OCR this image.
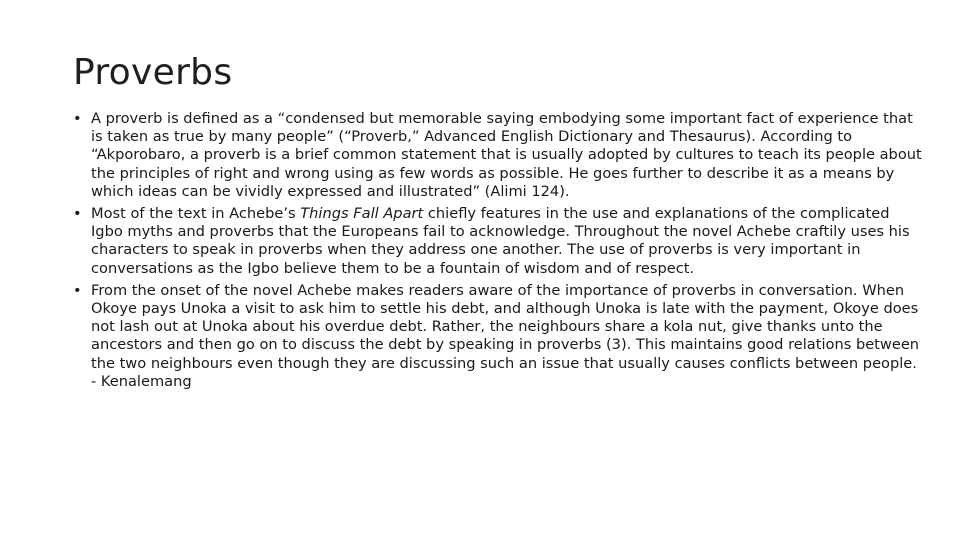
Proverbs
• A proverb is defined as a “condensed but memorable saying embodying some important fact of experience that is taken as true by many people” (“Proverb,” Advanced English Dictionary and Thesaurus). According to “Akporobaro, a proverb is a brief common statement that is usually adopted by cultures to teach its people about the principles of right and wrong using as few words as possible. He goes further to describe it as a means by which ideas can be vividly expressed and illustrated” (Alimi 124).
• Most of the text in Achebe’s Things Fall Apart chiefly features in the use and explanations of the complicated Igbo myths and proverbs that the Europeans fail to acknowledge. Throughout the novel Achebe craftily uses his characters to speak in proverbs when they address one another. The use of proverbs is very important in conversations as the Igbo believe them to be a fountain of wisdom and of respect.
• From the onset of the novel Achebe makes readers aware of the importance of proverbs in conversation. When Okoye pays Unoka a visit to ask him to settle his debt, and although Unoka is late with the payment, Okoye does not lash out at Unoka about his overdue debt. Rather, the neighbours share a kola nut, give thanks unto the ancestors and then go on to discuss the debt by speaking in proverbs (3). This maintains good relations between the two neighbours even though they are discussing such an issue that usually causes conflicts between people. - Kenalemang
